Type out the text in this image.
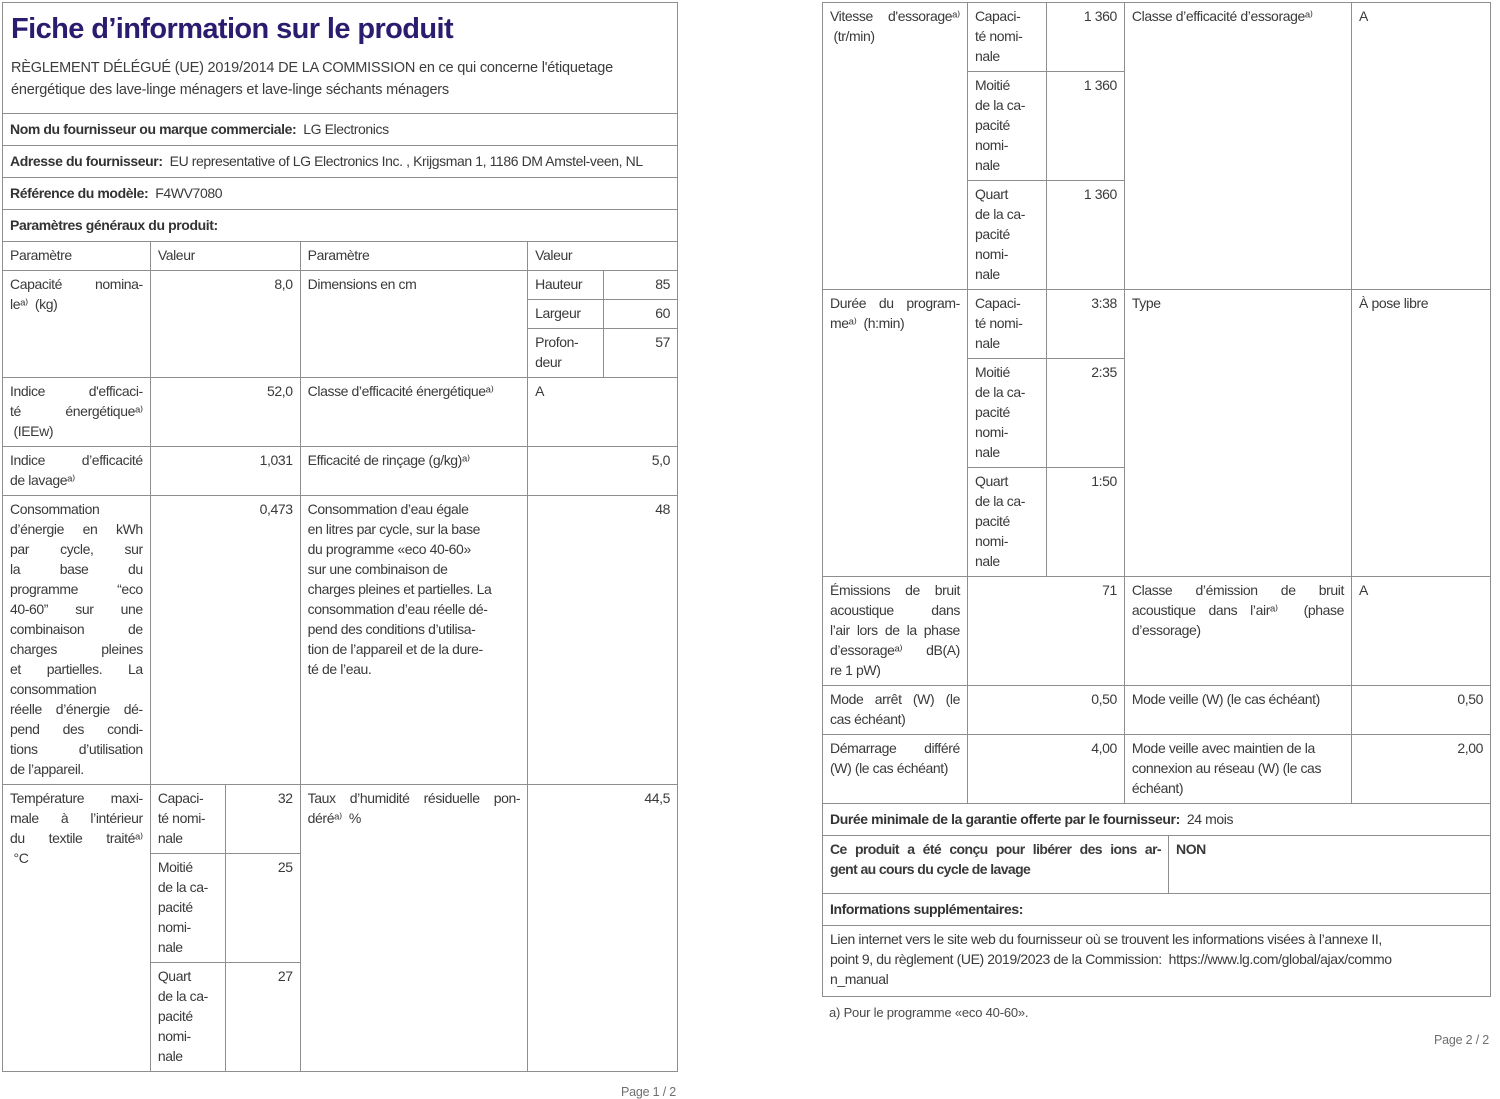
Fiche d’information sur le produit
RÈGLEMENT DÉLÉGUÉ (UE) 2019/2014 DE LA COMMISSION en ce qui concerne l'étiquetage énergétique des lave-linge ménagers et lave-linge séchants ménagers					

Nom du fournisseur ou marque commerciale: LG Electronics					
Adresse du fournisseur: EU representative of LG Electronics Inc. , Krijgsman 1, 1186 DM Amstel-veen, NL					
Référence du modèle: F4WV7080					
Paramètres généraux du produit:					
Paramètre	Valeur		Paramètre	Valeur	

Capacité nomina-
leᵃ⁾  (kg)	8,0		Dimensions en cm	Hauteur	85
				Largeur	60

				Profon-
deur	57

Indice d'efficaci-
té énergétiqueᵃ⁾
(IEEᴡ)	52,0		Classe d’efficacité énergétiqueᵃ⁾	A	

Indice d’efficacité
de lavageᵃ⁾	1,031		Efficacité de rinçage (g/kg)ᵃ⁾	5,0	

Consommation
d’énergie en kWh
par cycle, sur
la base du
programme “eco
40-60” sur une
combinaison de
charges pleines
et partielles. La
consommation
réelle d’énergie dé-
pend des condi-
tions d’utilisation
de l’appareil.
	0,473	Consommation d’eau égale
en litres par cycle, sur la base
du programme «eco 40-60»
sur une combinaison de
charges pleines et partielles. La
consommation d’eau réelle dé-
pend des conditions d’utilisa-
tion de l’appareil et de la dure-
té de l’eau.
	48

Température maxi-
male à l’intérieur
du textile traitéᵃ⁾
°C

Capaci-
té nomi-
nale
	32	Taux d’humidité résiduelle pon-
déréᵃ⁾  %
	44,5

	Moitié
de la ca-
pacité
nomi-
nale	25			

	Quart
de la ca-
pacité
nomi-
nale	27			
Page 1 / 2
Vitesse d'essorageᵃ⁾
(tr/min)

Capaci-
té nomi-
nale
	1 360	Classe d’efficacité d’essorageᵃ⁾	A

	Moitié
de la ca-
pacité
nomi-
nale	1 360			

	Quart
de la ca-
pacité
nomi-
nale	1 360			

Durée du program-
meᵃ⁾  (h:min)

Capaci-
té nomi-
nale
	3:38	Type	À pose libre

	Moitié
de la ca-
pacité
nomi-
nale	2:35			

	Quart
de la ca-
pacité
nomi-
nale	1:50			

Émissions de bruit
acoustique dans
l’air lors de la phase
d’essorageᵃ⁾  dB(A)
re 1 pW)
	71	Classe d’émission de bruit
acoustique dans l’airᵃ⁾  (phase
d’essorage)
	A

Mode arrêt (W) (le
cas échéant)	0,50		Mode veille (W) (le cas échéant)		0,50

Démarrage différé
(W) (le cas échéant)
	4,00	Mode veille avec maintien de la
connexion au réseau (W) (le cas
échéant)
	2,00
Durée minimale de la garantie offerte par le fournisseur: 24 mois					

Ce produit a été conçu pour libérer des ions ar-
gent au cours du cycle de lavage				NON	
Informations supplémentaires:					

Lien internet vers le site web du fournisseur où se trouvent les informations visées à l’annexe II,
point 9, du règlement (UE) 2019/2023 de la Commission:  https://www.lg.com/global/ajax/commo
n_manual					
a) Pour le programme «eco 40-60».
Page 2 / 2
